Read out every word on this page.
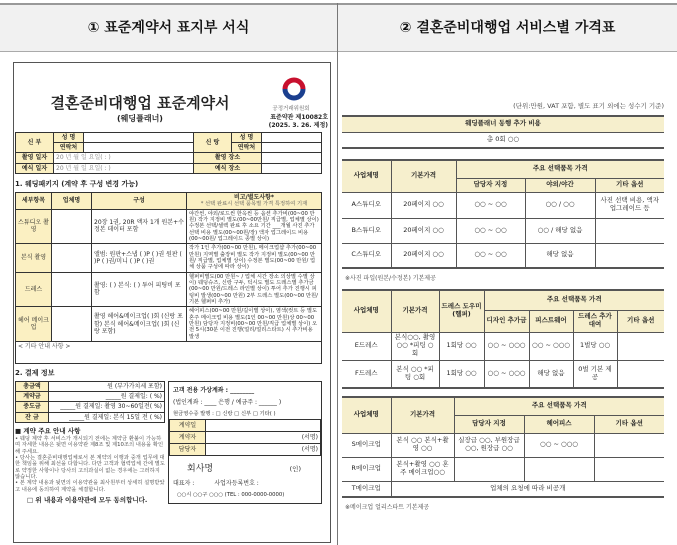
① 표준계약서 표지부 서식	② 결혼준비대행업 서비스별 가격표
결혼준비대행업 표준계약서
(웨딩플래너)
공정거래위원회
표준약관 제10082호
(2025. 3. 26. 제정)
신 부	성 명		신 랑	성 명	
	연락처			연락처	
촬영 일자	20 년 월 일 요일( : )		촬영 장소		
예식 일자	20 년 월 일 요일( : )		예식 장소		
1. 웨딩패키지 (계약 후 구성 변경 가능)
세부항목	업체명	구성	비고/별도사항*
* 선택 완료시 선택 품목별 가격 특정하여 기재

스튜디오 촬영		20장 1권, 20R 액자 1개 원본+수정본 데이터 포함	야간씬, 야외/로드씬 한옥씬 등 옵션 추가비(00~00 만원) 작가 지정비 별도(00~00만원/ 직급별, 업체별 상이) 수정본 선택/셀렉 완료 후 소요 기간 ___개월 사진 추가 선택 비용 별도(00~00원/장) 액자 업그레이드 비용(00~00원/ 업그레이드 종별 상이)
본식 촬영		앨범: 원판+스냅 ( )P ( )권 원판 ( )P ( )권/미니 ( )P ( )권	작가 1인 추가(00~00 만원), 메이크업샵 추가(00~00 만원) 지역별 출장비 별도 작가 지정비 별도(00~00 만원/ 직급별, 업체별 상이) 수정본 별도(00~00 만원/ 업체 상품 구성에 따라 상이)
드레스		촬영: ( ) 본식: ( ) 투어 피팅비 포함	헬퍼비별도(00 만원~ / 업체 시간 장소 의상별 수별 상이) 웨딩슈즈, 신랑 구두, 턱시도 별도 드레스별 추가금(00~00 만원/드레스 라인별 상이) 투어 추가 진행시 피팅비 발생(00~00 만원) 2부 드레스 별도(00~00 만원/기본 헬퍼비 추가)
헤어 메이크업		촬영 헤어&메이크업( )회 (신랑 포함) 본식 헤어&메이크업( )회 (신랑 포함)	헤어피스(00~00 만원/길이별 상이), 염색(컷트 등 별도 혼주 메이크업 비용 별도(1인 00~00 만원)상 00~00 만원) 담당자 지정비(00~00 만원/직급 업체별 상이) 오전 5시(30분 이전 진행(얼리/얼리스타트) 시 추가비용 발생
< 기타 안내 사항 >			
2. 결제 정보
총금액	원 (부가가치세 포함)
계약금	_____원 결제일: ( %)
중도금	_____원 결제일: 촬영 30~60일전( %)
잔 금	_____원 결제일: 본식 15일 전 ( %)
■ 계약 주요 안내 사항
• 웨딩 계약 후 서비스가 개시되기 전에는 계약금 환불이 가능하며 자세한 내용은 뒷면 이용약관 제8조 및 제10조의 내용을 확인해 주세요.
• 당사는 결혼준비대행업체로서 본 계약의 이행과 중개 업무에 대한 책임을 위해 최선을 다합니다. 다만 고객과 협력업체 간에 별도로 약정한 사항이나 당사의 고의과실이 없는 경우에는 그러하지 않습니다.
• 본 계약 내용과 뒷면의 이용약관을 최사원부터 상세히 설명받았고 내용에 동의하여 계약을 체결합니다.
□ 위 내용과 이용약관에 모두 동의합니다.
고객 전용 가상계좌 : ________
(법인계좌 : ____ 은행 / 예금주 : ______ )
현금영수증 발행 : □ 신랑 □ 신부 □ 기타( )
계약일	
계약자	(서명)
담당자	(서명)
회사명	(인)
대표자 :	사업자등록번호 :
○○시 ○○구 ○○○ (TEL : 000-0000-0000)
(단위:만원, VAT 포함, 별도 표기 외에는 성수기 기준)
웨딩플래너 동행 추가 비용
총 0회 ○○
사업체명	기본가격	주요 선택품목 가격		
		담당자 지정	야외/야간	기타 옵션
A스튜디오	20페이지 ○○	○○ ~ ○○	○○ / ○○	사진 선택 비용, 액자 업그레이드 등
B스튜디오	20페이지 ○○	○○ ~ ○○	○○ / 해당 없음	
C스튜디오	20페이지 ○○	○○ ~ ○○	해당 없음	
※사진 파일(원본/수정본) 기본제공
사업체명	기본가격	드레스 도우미 (헬퍼)	주요 선택품목 가격			
			디자인 추가금	피스트웨어	드레스 추가 대여	기타 옵션
E드레스	본식○○, 촬영○○ *피팅 ○회	1회당 ○○	○○ ~ ○○○	○○ ~ ○○○	1벌당 ○○	
F드레스	본식 ○○ *피팅 ○회	1회당 ○○	○○ ~ ○○○	해당 없음	0벌 기본 제공	
사업체명	기본가격	주요 선택품목 가격		
		담당자 지정	헤어피스	기타 옵션
S메이크업	본식 ○○ 본식+촬영 ○○	실장급 ○○, 부원장급 ○○, 원장급 ○○	○○ ~ ○○○	
R메이크업	본식+촬영 ○○ 혼주 메이크업○○			
T메이크업	업체의 요청에 따라 비공개			
※메이크업 얼리스타트 기본제공
